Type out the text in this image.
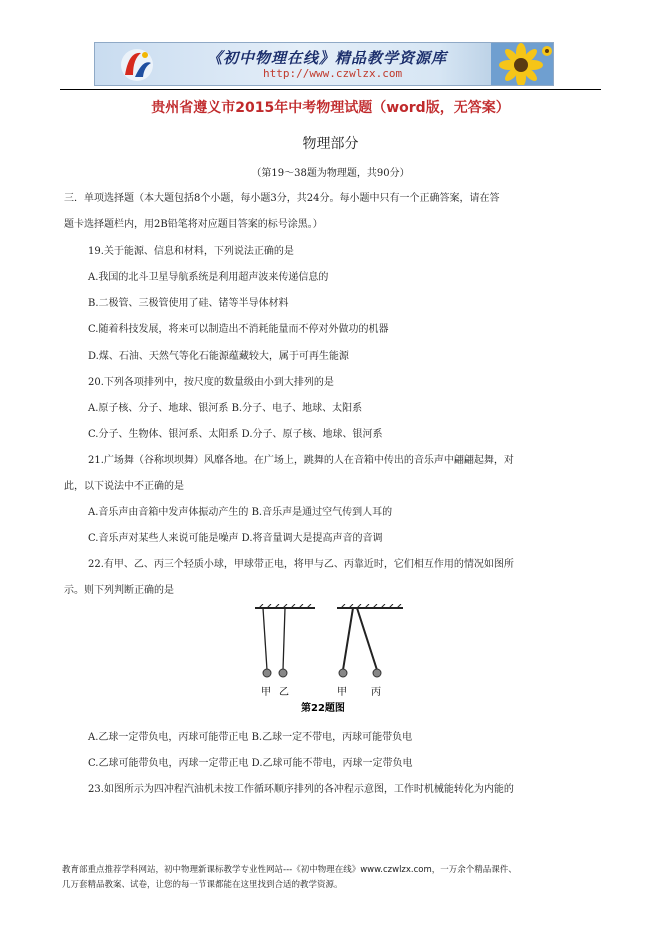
《初中物理在线》精品教学资源库
http://www.czwlzx.com
贵州省遵义市2015年中考物理试题（word版，无答案）
物理部分
（第19～38题为物理题，共90分）
三．单项选择题（本大题包括8个小题，每小题3分，共24分。每小题中只有一个正确答案，请在答
题卡选择题栏内，用2B铅笔将对应题目答案的标号涂黑。）
19.关于能源、信息和材料，下列说法正确的是
A.我国的北斗卫星导航系统是利用超声波来传递信息的
B.二极管、三极管使用了硅、锗等半导体材料
C.随着科技发展，将来可以制造出不消耗能量而不停对外做功的机器
D.煤、石油、天然气等化石能源蕴藏较大，属于可再生能源
20.下列各项排列中，按尺度的数量级由小到大排列的是
A.原子核、分子、地球、银河系 B.分子、电子、地球、太阳系
C.分子、生物体、银河系、太阳系 D.分子、原子核、地球、银河系
21.广场舞（谷称坝坝舞）风靡各地。在广场上，跳舞的人在音箱中传出的音乐声中翩翩起舞，对
此，以下说法中不正确的是
A.音乐声由音箱中发声体振动产生的 B.音乐声是通过空气传到人耳的
C.音乐声对某些人来说可能是噪声 D.将音量调大是提高声音的音调
22.有甲、乙、丙三个轻质小球，甲球带正电，将甲与乙、丙靠近时，它们相互作用的情况如图所
示。则下列判断正确的是
甲 乙	甲 丙
第22题图
A.乙球一定带负电，丙球可能带正电 B.乙球一定不带电，丙球可能带负电
C.乙球可能带负电，丙球一定带正电 D.乙球可能不带电，丙球一定带负电
23.如图所示为四冲程汽油机未按工作循环顺序排列的各冲程示意图，工作时机械能转化为内能的
教育部重点推荐学科网站，初中物理新课标教学专业性网站---《初中物理在线》www.czwlzx.com，一万余个精品课件、
几万套精品教案、试卷，让您的每一节课都能在这里找到合适的教学资源。
